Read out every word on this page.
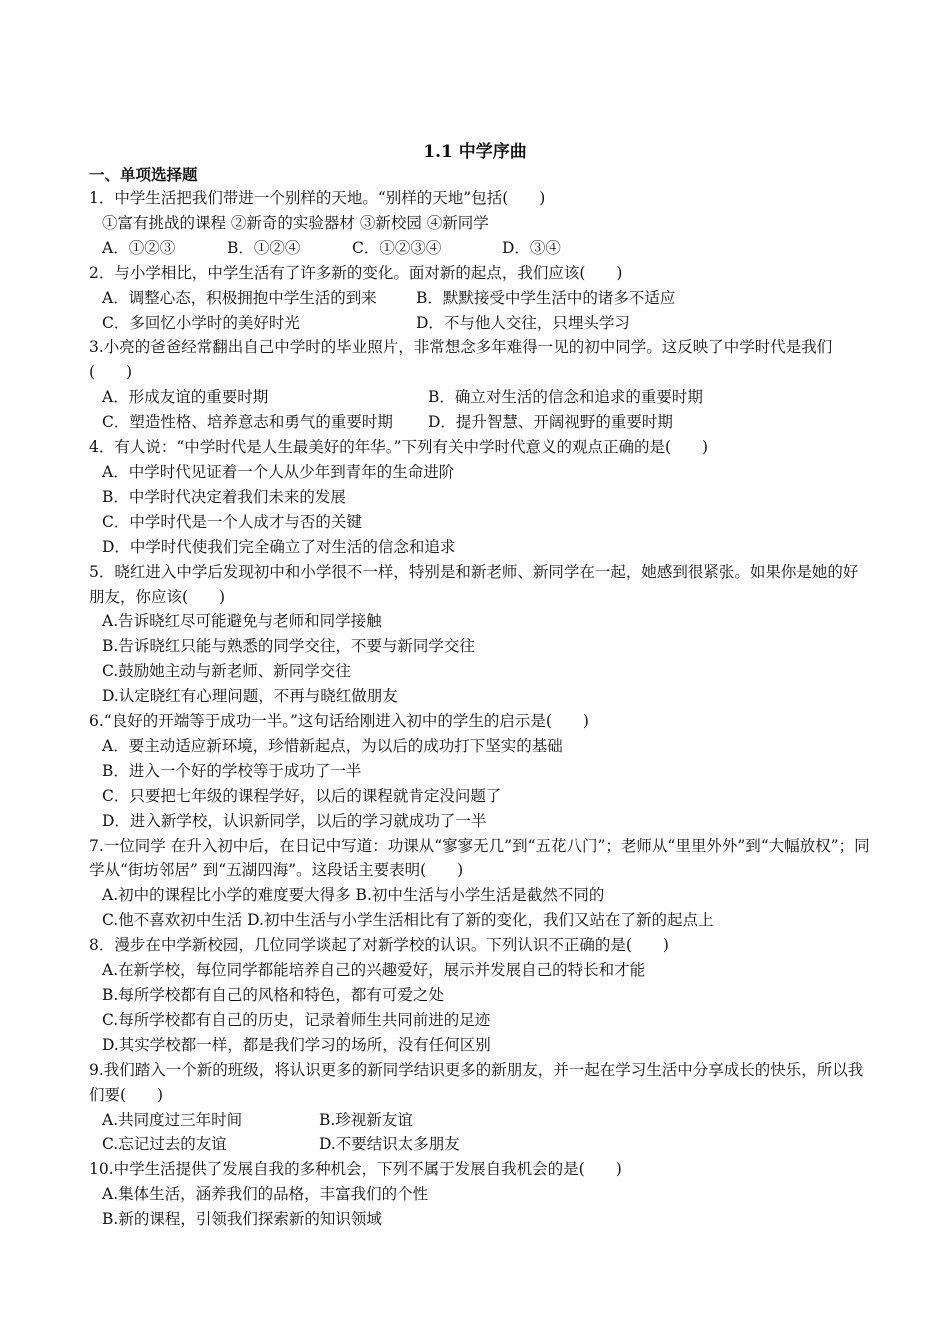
1.1 中学序曲
一、单项选择题

1．中学生活把我们带进一个别样的天地。“别样的天地”包括(　　)

①富有挑战的课程 ②新奇的实验器材 ③新校园 ④新同学

A．①②③	B．①②④	C．①②③④	D．③④

2．与小学相比，中学生活有了许多新的变化。面对新的起点，我们应该(　　)

A．调整心态，积极拥抱中学生活的到来	B．默默接受中学生活中的诸多不适应
C．多回忆小学时的美好时光	D．不与他人交往，只埋头学习

3.小亮的爸爸经常翻出自己中学时的毕业照片，非常想念多年难得一见的初中同学。这反映了中学时代是我们(　　)

A．形成友谊的重要时期	B．确立对生活的信念和追求的重要时期
C．塑造性格、培养意志和勇气的重要时期	D．提升智慧、开阔视野的重要时期

4．有人说：“中学时代是人生最美好的年华。”下列有关中学时代意义的观点正确的是(　　)

A．中学时代见证着一个人从少年到青年的生命进阶

B．中学时代决定着我们未来的发展

C．中学时代是一个人成才与否的关键

D．中学时代使我们完全确立了对生活的信念和追求

5．晓红进入中学后发现初中和小学很不一样，特别是和新老师、新同学在一起，她感到很紧张。如果你是她的好朋友，你应该(　　)

A.告诉晓红尽可能避免与老师和同学接触

B.告诉晓红只能与熟悉的同学交往，不要与新同学交往

C.鼓励她主动与新老师、新同学交往

D.认定晓红有心理问题，不再与晓红做朋友

6.“良好的开端等于成功一半。”这句话给刚进入初中的学生的启示是(　　)

A．要主动适应新环境，珍惜新起点，为以后的成功打下坚实的基础

B．进入一个好的学校等于成功了一半

C．只要把七年级的课程学好，以后的课程就肯定没问题了

D．进入新学校，认识新同学，以后的学习就成功了一半

7.一位同学 在升入初中后，在日记中写道：功课从“寥寥无几”到“五花八门”；老师从“里里外外”到“大幅放权”；同学从“街坊邻居” 到“五湖四海”。这段话主要表明(　　)

A.初中的课程比小学的难度要大得多 B.初中生活与小学生活是截然不同的

C.他不喜欢初中生活 D.初中生活与小学生活相比有了新的变化，我们又站在了新的起点上

8．漫步在中学新校园，几位同学谈起了对新学校的认识。下列认识不正确的是(　　)

A.在新学校，每位同学都能培养自己的兴趣爱好，展示并发展自己的特长和才能

B.每所学校都有自己的风格和特色，都有可爱之处

C.每所学校都有自己的历史，记录着师生共同前进的足迹

D.其实学校都一样，都是我们学习的场所，没有任何区别

9.我们踏入一个新的班级，将认识更多的新同学结识更多的新朋友，并一起在学习生活中分享成长的快乐，所以我们要(　　)

A.共同度过三年时间	B.珍视新友谊
C.忘记过去的友谊	D.不要结识太多朋友

10.中学生活提供了发展自我的多种机会，下列不属于发展自我机会的是(　　)

A.集体生活，涵养我们的品格，丰富我们的个性

B.新的课程，引领我们探索新的知识领域
